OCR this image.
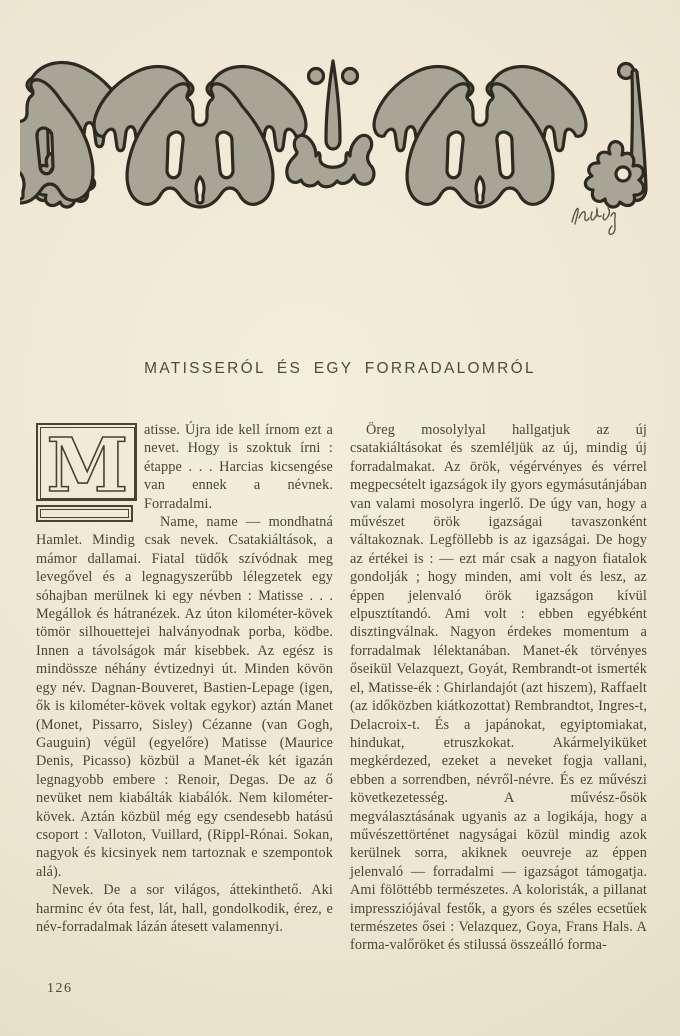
MATISSERÓL ÉS EGY FORRADALOMRÓL
M	atisse. Újra ide kell írnom ezt a nevet. Hogy is szoktuk írni : étappe . . . Harcias kicsengése van ennek a névnek. Forradalmi.

Name, name — mondhatná Hamlet. Mindig csak nevek. Csatakiáltások, a mámor dallamai. Fiatal tüdők szívódnak meg levegővel és a legnagyszerűbb lélegzetek egy sóhajban merülnek ki egy névben : Matisse . . . Megállok és hátranézek. Az úton kilométer-kövek tömör silhouettejei halványodnak porba, ködbe. Innen a távolságok már kisebbek. Az egész is mindössze néhány évtizednyi út. Minden kövön egy név. Dagnan-Bouveret, Bastien-Lepage (igen, ők is kilométer-kövek voltak egykor) aztán Manet (Monet, Pissarro, Sisley) Cézanne (van Gogh, Gauguin) végül (egyelőre) Matisse (Maurice Denis, Picasso) közbül a Manet-ék két igazán legnagyobb embere : Renoir, Degas. De az ő nevüket nem kiabálták kiabálók. Nem kilométer-kövek. Aztán közbül még egy csendesebb hatású csoport : Valloton, Vuillard, (Rippl-Rónai. Sokan, nagyok és kicsinyek nem tartoznak e szempontok alá).

Nevek. De a sor világos, áttekinthető. Aki harminc év óta fest, lát, hall, gondolkodik, érez, e név-forradalmak lázán átesett valamennyi.

Öreg mosolylyal hallgatjuk az új csatakiáltásokat és szemléljük az új, mindig új forradalmakat. Az örök, végérvényes és vérrel megpecsételt igazságok ily gyors egymásutánjában van valami mosolyra ingerlő. De úgy van, hogy a művészet örök igazságai tavaszonként váltakoznak. Legföllebb is az igazságai. De hogy az értékei is : — ezt már csak a nagyon fiatalok gondolják ; hogy minden, ami volt és lesz, az éppen jelenvaló örök igazságon kívül elpusztítandó. Ami volt : ebben egyébként disztingválnak. Nagyon érdekes momentum a forradalmak lélektanában. Manet-ék törvényes őseikül Velazquezt, Goyát, Rembrandt-ot ismerték el, Matisse-ék : Ghirlandajót (azt hiszem), Raffaelt (az időközben kiátkozottat) Rembrandtot, Ingres-t, Delacroix-t. És a japánokat, egyiptomiakat, hindukat, etruszkokat. Akármelyiküket megkérdezed, ezeket a neveket fogja vallani, ebben a sorrendben, névről-névre. És ez művészi következetesség. A művész-ősök megválasztásának ugyanis az a logikája, hogy a művészettörténet nagyságai közül mindig azok kerülnek sorra, akiknek oeuvreje az éppen jelenvaló — forradalmi — igazságot támogatja. Ami fölöttébb természetes. A koloristák, a pillanat impressziójával festők, a gyors és széles ecsetűek természetes ősei : Velazquez, Goya, Frans Hals. A forma-valőröket és stilussá összeálló forma-

126
